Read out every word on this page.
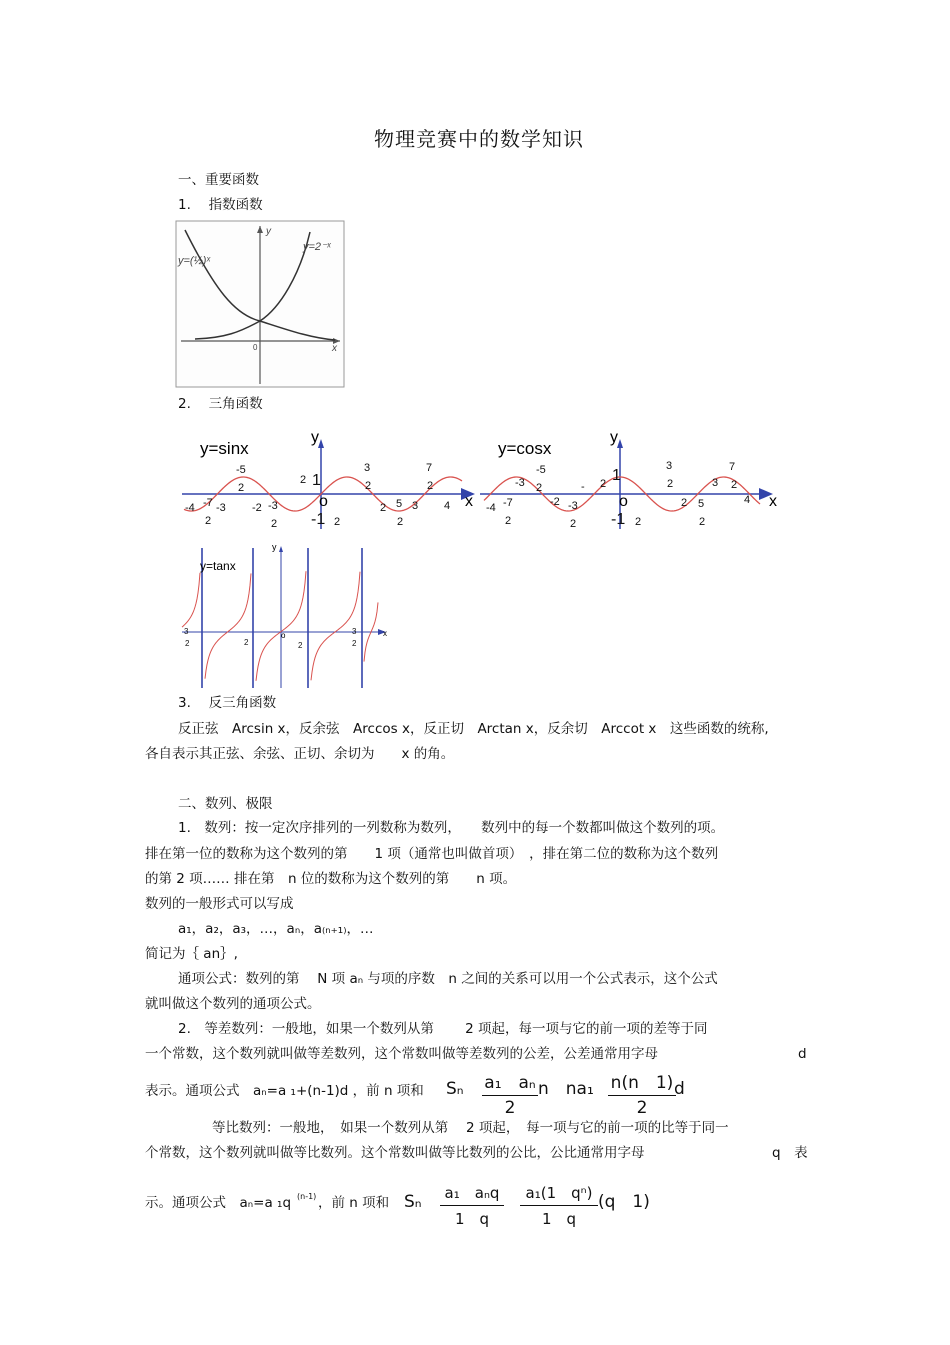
物理竞赛中的数学知识
一、重要函数
1.　 指数函数
y=(½)ˣ
y=2⁻ˣ
y
x
0
2.　 三角函数
y=sinx
y
x
o
-4 -7
2
-3
-5
2
-2 -3
2
2 1
3
2
2 5
2
3
7
2
4
-1 2
y=cosx
y
x
o
-4 -7
2
-3
-5
2
-2 -3
2
- 2 1
3
2
2 5
2
3
7
2
4
-1 2
y=tanx
y
x
o
3
2	2	2
3
2
3.　 反三角函数
反正弦　Arcsin x，反余弦　Arccos x，反正切　Arctan x，反余切　Arccot x　这些函数的统称,
各自表示其正弦、余弦、正切、余切为　　x 的角。
二、数列、极限
1.　数列：按一定次序排列的一列数称为数列，　　数列中的每一个数都叫做这个数列的项。
排在第一位的数称为这个数列的第　　1 项（通常也叫做首项）　，排在第二位的数称为这个数列
的第 2 项…… 排在第　n 位的数称为这个数列的第　　n 项。
数列的一般形式可以写成
a₁，a₂，a₃，…，aₙ，a₍ₙ₊₁₎，…
简记为｛ an｝,
通项公式：数列的第　 N 项 aₙ 与项的序数　n 之间的关系可以用一个公式表示，这个公式
就叫做这个数列的通项公式。
2.　等差数列：一般地，如果一个数列从第　　 2 项起，每一项与它的前一项的差等于同
一个常数，这个数列就叫做等差数列，这个常数叫做等差数列的公差，公差通常用字母	d
表示。通项公式　aₙ=a ₁+(n-1)d ，前 n 项和 Sₙ a₁　aₙ
2
n　na₁ n(n　1)
2
d
等比数列：一般地，　如果一个数列从第　 2 项起，　每一项与它的前一项的比等于同一
个常数，这个数列就叫做等比数列。这个常数叫做等比数列的公比，公比通常用字母	q　表
示。通项公式　aₙ=a ₁q (n-1) ，前 n 项和 Sₙ	a₁　aₙq
1　q
a₁(1　qⁿ)
1　q
(q　1)
